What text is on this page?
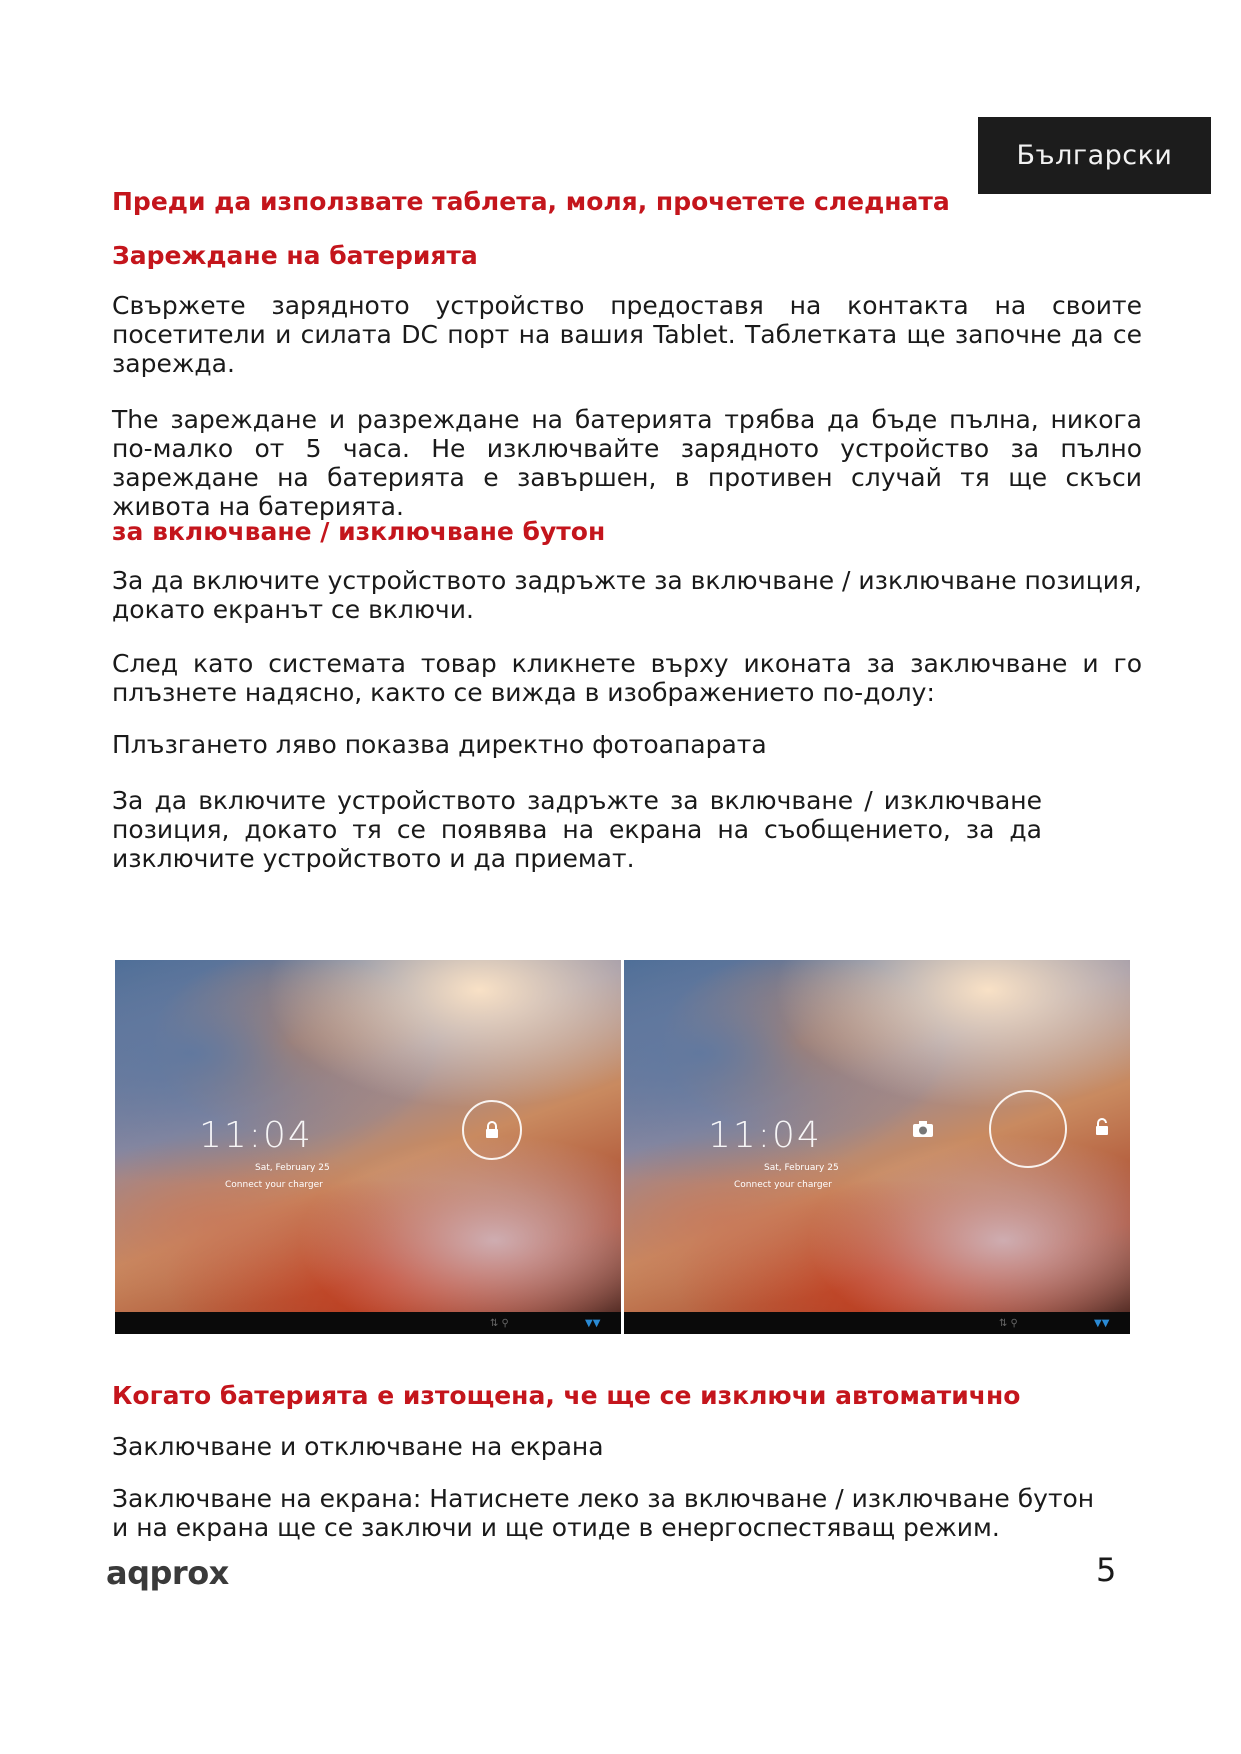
Български
Преди да използвате таблета, моля, прочетете следната
Зареждане на батерията

Свържете зарядното устройство предоставя на контакта на своите посетители и силата DC порт на вашия Tablet. Таблетката ще започне да се зарежда.

The зареждане и разреждане на батерията трябва да бъде пълна, никога по-малко от 5 часа. Не изключвайте зарядното устройство за пълно зареждане на батерията е завършен, в противен случай тя ще скъси живота на батерията.

за включване / изключване бутон

За да включите устройството задръжте за включване / изключване позиция, докато екранът се включи.

След като системата товар кликнете върху иконата за заключване и го плъзнете надясно, както се вижда в изображението по-долу:

Плъзгането ляво показва директно фотоапарата

За да включите устройството задръжте за включване / изключване позиция, докато тя се появява на екрана на съобщението, за да изключите устройството и да приемат.

11:04
Sat, February 25
Connect your charger
⇅ ⚲	▼▼
11:04
Sat, February 25
Connect your charger
⇅ ⚲	▼▼
Когато батерията е изтощена, че ще се изключи автоматично

Заключване и отключване на екрана

Заключване на екрана: Натиснете леко за включване / изключване бутон и на екрана ще се заключи и ще отиде в енергоспестяващ режим.

aqprox	5
